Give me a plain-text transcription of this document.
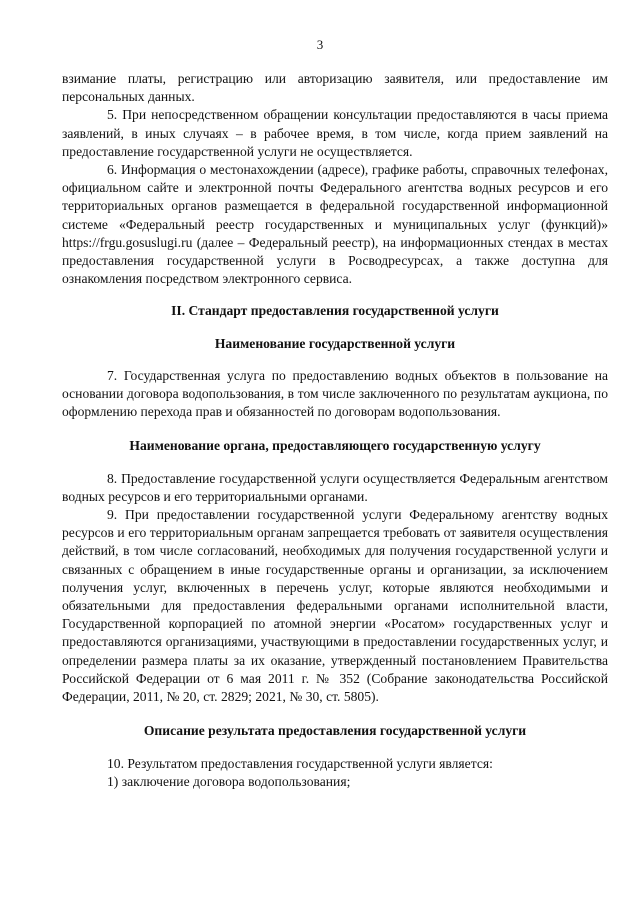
3

взимание платы, регистрацию или авторизацию заявителя, или предоставление им персональных данных.

5. При непосредственном обращении консультации предоставляются в часы приема заявлений, в иных случаях – в рабочее время, в том числе, когда прием заявлений на предоставление государственной услуги не осуществляется.

6. Информация о местонахождении (адресе), графике работы, справочных телефонах, официальном сайте и электронной почты Федерального агентства водных ресурсов и его территориальных органов размещается в федеральной государственной информационной системе «Федеральный реестр государственных и муниципальных услуг (функций)» https://frgu.gosuslugi.ru (далее – Федеральный реестр), на информационных стендах в местах предоставления государственной услуги в Росводресурсах, а также доступна для ознакомления посредством электронного сервиса.

II. Стандарт предоставления государственной услуги

Наименование государственной услуги

7. Государственная услуга по предоставлению водных объектов в пользование на основании договора водопользования, в том числе заключенного по результатам аукциона, по оформлению перехода прав и обязанностей по договорам водопользования.

Наименование органа, предоставляющего государственную услугу

8. Предоставление государственной услуги осуществляется Федеральным агентством водных ресурсов и его территориальными органами.

9. При предоставлении государственной услуги Федеральному агентству водных ресурсов и его территориальным органам запрещается требовать от заявителя осуществления действий, в том числе согласований, необходимых для получения государственной услуги и связанных с обращением в иные государственные органы и организации, за исключением получения услуг, включенных в перечень услуг, которые являются необходимыми и обязательными для предоставления федеральными органами исполнительной власти, Государственной корпорацией по атомной энергии «Росатом» государственных услуг и предоставляются организациями, участвующими в предоставлении государственных услуг, и определении размера платы за их оказание, утвержденный постановлением Правительства Российской Федерации от 6 мая 2011 г. № 352 (Собрание законодательства Российской Федерации, 2011, № 20, ст. 2829; 2021, № 30, ст. 5805).

Описание результата предоставления государственной услуги

10. Результатом предоставления государственной услуги является:

1) заключение договора водопользования;
